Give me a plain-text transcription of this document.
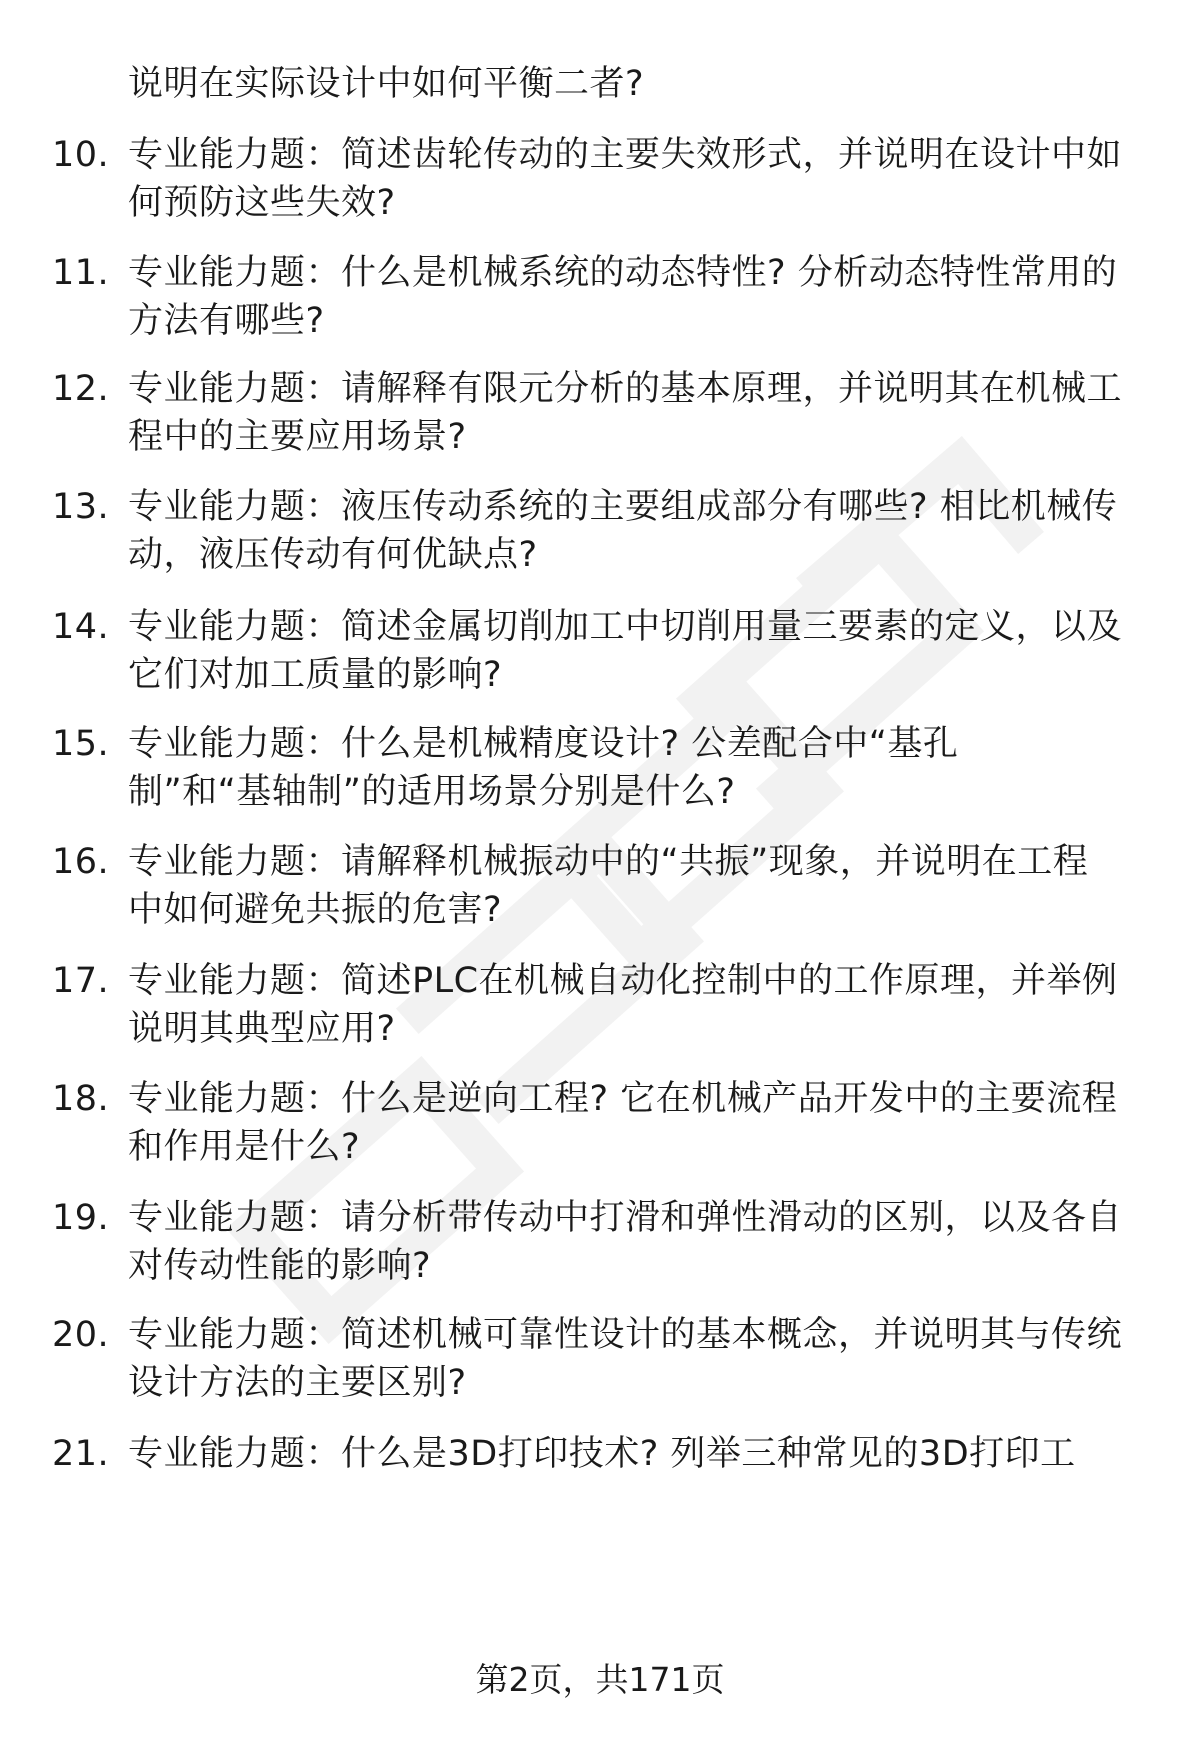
说明在实际设计中如何平衡二者?
10. 专业能力题：简述齿轮传动的主要失效形式，并说明在设计中如
何预防这些失效?
11. 专业能力题：什么是机械系统的动态特性? 分析动态特性常用的
方法有哪些?
12. 专业能力题：请解释有限元分析的基本原理，并说明其在机械工
程中的主要应用场景?
13. 专业能力题：液压传动系统的主要组成部分有哪些? 相比机械传
动，液压传动有何优缺点?
14. 专业能力题：简述金属切削加工中切削用量三要素的定义，以及
它们对加工质量的影响?
15. 专业能力题：什么是机械精度设计? 公差配合中“基孔
制”和“基轴制”的适用场景分别是什么?
16. 专业能力题：请解释机械振动中的“共振”现象，并说明在工程
中如何避免共振的危害?
17. 专业能力题：简述PLC在机械自动化控制中的工作原理，并举例
说明其典型应用?
18. 专业能力题：什么是逆向工程? 它在机械产品开发中的主要流程
和作用是什么?
19. 专业能力题：请分析带传动中打滑和弹性滑动的区别，以及各自
对传动性能的影响?
20. 专业能力题：简述机械可靠性设计的基本概念，并说明其与传统
设计方法的主要区别?
21. 专业能力题：什么是3D打印技术? 列举三种常见的3D打印工
第2页，共171页
